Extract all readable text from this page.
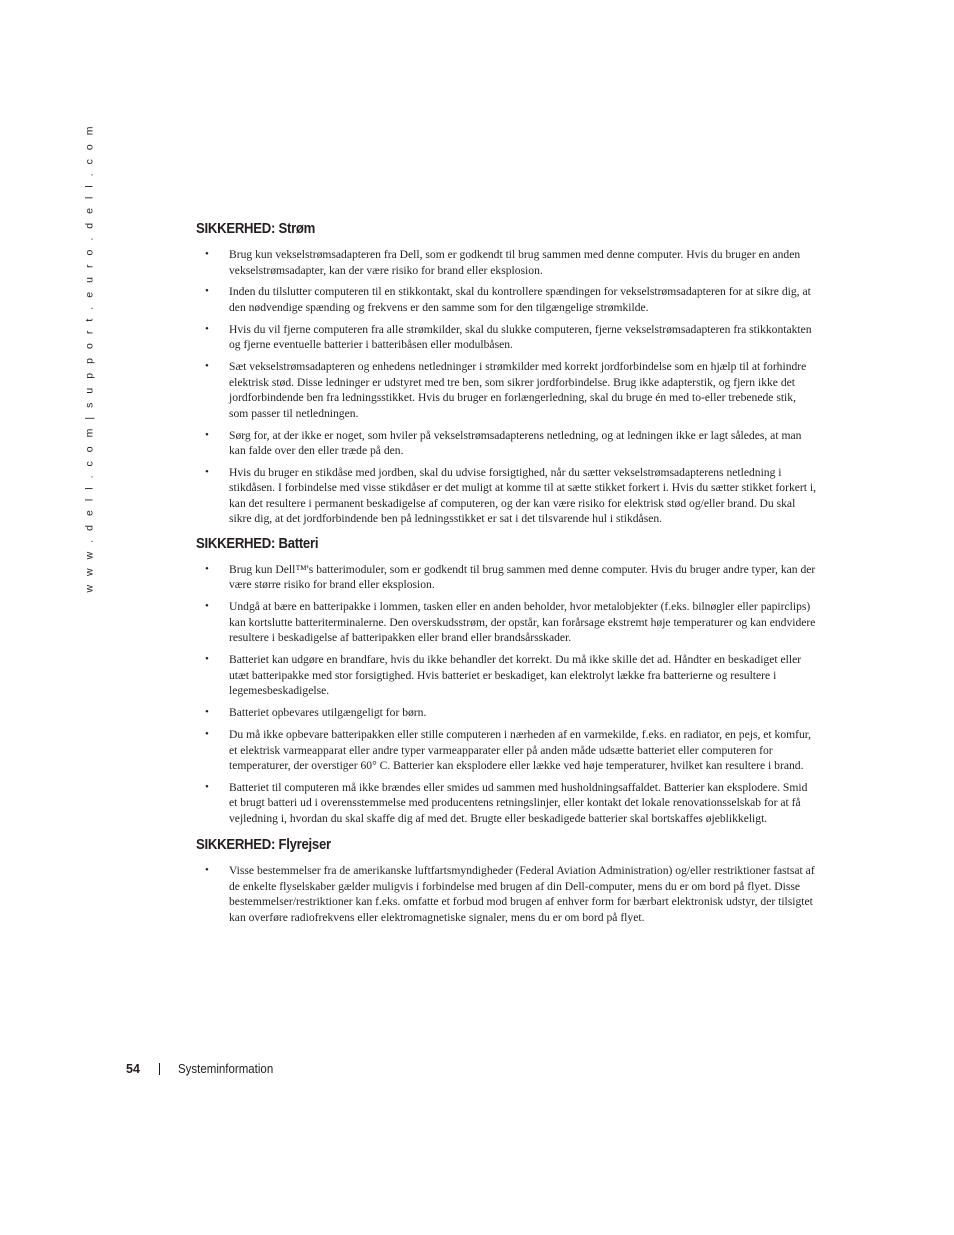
w w w . d e l l . c o m | s u p p o r t . e u r o . d e l l . c o m	SIKKERHED: Strøm
• Brug kun vekselstrømsadapteren fra Dell, som er godkendt til brug sammen med denne computer. Hvis du bruger en anden vekselstrømsadapter, kan der være risiko for brand eller eksplosion.
• Inden du tilslutter computeren til en stikkontakt, skal du kontrollere spændingen for vekselstrømsadapteren for at sikre dig, at den nødvendige spænding og frekvens er den samme som for den tilgængelige strømkilde.
• Hvis du vil fjerne computeren fra alle strømkilder, skal du slukke computeren, fjerne vekselstrømsadapteren fra stikkontakten og fjerne eventuelle batterier i batteribåsen eller modulbåsen.
• Sæt vekselstrømsadapteren og enhedens netledninger i strømkilder med korrekt jordforbindelse som en hjælp til at forhindre elektrisk stød. Disse ledninger er udstyret med tre ben, som sikrer jordforbindelse. Brug ikke adapterstik, og fjern ikke det jordforbindende ben fra ledningsstikket. Hvis du bruger en forlængerledning, skal du bruge én med to-eller trebenede stik, som passer til netledningen.
• Sørg for, at der ikke er noget, som hviler på vekselstrømsadapterens netledning, og at ledningen ikke er lagt således, at man kan falde over den eller træde på den.
• Hvis du bruger en stikdåse med jordben, skal du udvise forsigtighed, når du sætter vekselstrømsadapterens netledning i stikdåsen. I forbindelse med visse stikdåser er det muligt at komme til at sætte stikket forkert i. Hvis du sætter stikket forkert i, kan det resultere i permanent beskadigelse af computeren, og der kan være risiko for elektrisk stød og/eller brand. Du skal sikre dig, at det jordforbindende ben på ledningsstikket er sat i det tilsvarende hul i stikdåsen.
SIKKERHED: Batteri
• Brug kun Dell™'s batterimoduler, som er godkendt til brug sammen med denne computer. Hvis du bruger andre typer, kan der være større risiko for brand eller eksplosion.
• Undgå at bære en batteripakke i lommen, tasken eller en anden beholder, hvor metalobjekter (f.eks. bilnøgler eller papirclips) kan kortslutte batteriterminalerne. Den overskudsstrøm, der opstår, kan forårsage ekstremt høje temperaturer og kan endvidere resultere i beskadigelse af batteripakken eller brand eller brandsårsskader.
• Batteriet kan udgøre en brandfare, hvis du ikke behandler det korrekt. Du må ikke skille det ad. Håndter en beskadiget eller utæt batteripakke med stor forsigtighed. Hvis batteriet er beskadiget, kan elektrolyt lække fra batterierne og resultere i legemesbeskadigelse.
• Batteriet opbevares utilgængeligt for børn.
• Du må ikke opbevare batteripakken eller stille computeren i nærheden af en varmekilde, f.eks. en radiator, en pejs, et komfur, et elektrisk varmeapparat eller andre typer varmeapparater eller på anden måde udsætte batteriet eller computeren for temperaturer, der overstiger 60° C. Batterier kan eksplodere eller lække ved høje temperaturer, hvilket kan resultere i brand.
• Batteriet til computeren må ikke brændes eller smides ud sammen med husholdningsaffaldet. Batterier kan eksplodere. Smid et brugt batteri ud i overensstemmelse med producentens retningslinjer, eller kontakt det lokale renovationsselskab for at få vejledning i, hvordan du skal skaffe dig af med det. Brugte eller beskadigede batterier skal bortskaffes øjeblikkeligt.
SIKKERHED: Flyrejser
• Visse bestemmelser fra de amerikanske luftfartsmyndigheder (Federal Aviation Administration) og/eller restriktioner fastsat af de enkelte flyselskaber gælder muligvis i forbindelse med brugen af din Dell-computer, mens du er om bord på flyet. Disse bestemmelser/restriktioner kan f.eks. omfatte et forbud mod brugen af enhver form for bærbart elektronisk udstyr, der tilsigtet kan overføre radiofrekvens eller elektromagnetiske signaler, mens du er om bord på flyet.
54	Systeminformation
